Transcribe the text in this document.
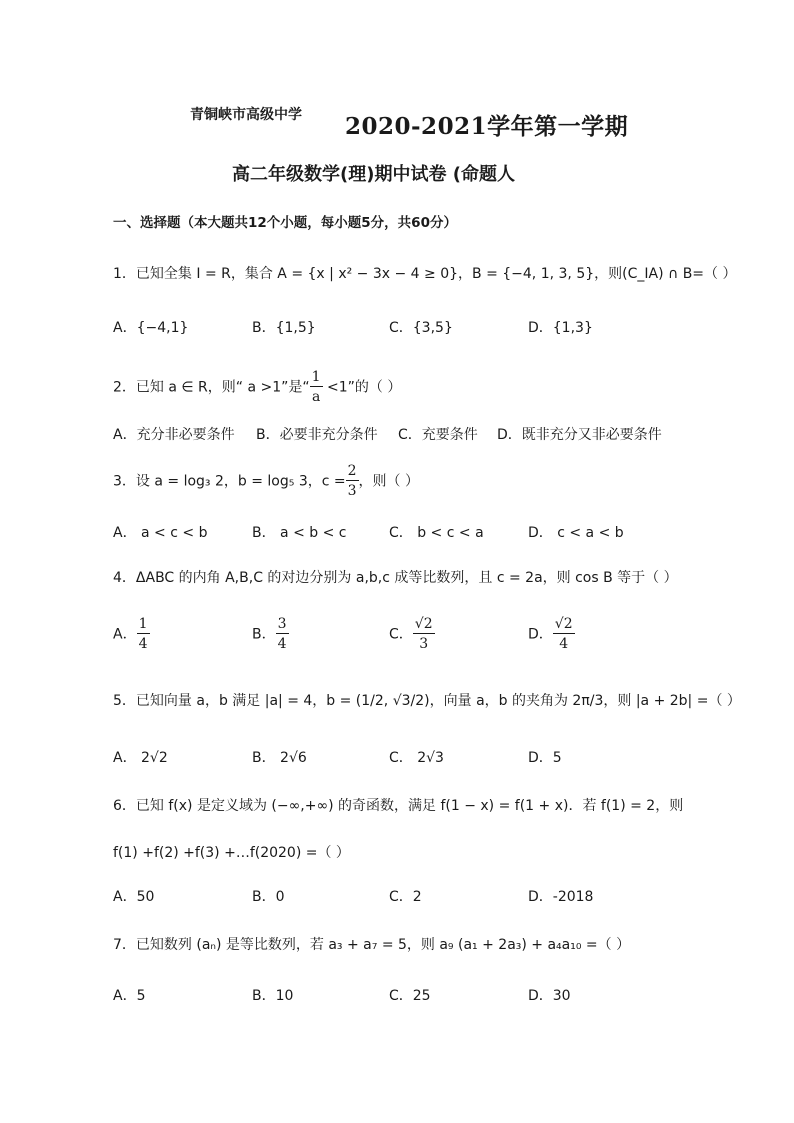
青铜峡市高级中学 2020-2021学年第一学期
高二年级数学(理)期中试卷 (命题人
一、选择题（本大题共12个小题，每小题5分，共60分）
1．已知全集 I = R，集合 A = {x | x² − 3x − 4 ≥ 0}，B = {−4, 1, 3, 5}，则(C_IA) ∩ B=（ ）
A．{−4,1}	B．{1,5}	C．{3,5}	D．{1,3}
2．已知 a ∈ R，则“ a >1”是“ $\frac{1}{a} <1$”的（ ）
A．充分非必要条件 B．必要非充分条件 C．充要条件 D．既非充分又非必要条件
3．设 a = log₃ 2，b = log₅ 3，$c = \frac{2}{3}$ ，则（ ）
A． a < c < b	B． a < b < c	C． b < c < a	D． c < a < b
4．ΔABC 的内角 A,B,C 的对边分别为 a,b,c 成等比数列，且 c = 2a，则 cos B 等于（ ）
A． $\frac{1}{4}$	B． $\frac{3}{4}$	C． $\frac{√2}{3}$	D． $\frac{√2}{4}$
5．已知向量 a，b 满足 |a| = 4，b = (1/2, √3/2)，向量 a，b 的夹角为 2π/3，则 |a + 2b| =（ ）
A． 2√2	B． 2√6	C． 2√3	D．5
6．已知 f(x) 是定义域为 (−∞,+∞) 的奇函数，满足 f(1 − x) = f(1 + x)．若 f(1) = 2，则
f(1) +f(2) +f(3) +…f(2020) =（ ）
A．50	B．0	C．2	D．-2018
7．已知数列 (aₙ) 是等比数列，若 a₃ + a₇ = 5，则 a₉ (a₁ + 2a₃) + a₄a₁₀ =（ ）
A．5	B．10	C．25	D．30
